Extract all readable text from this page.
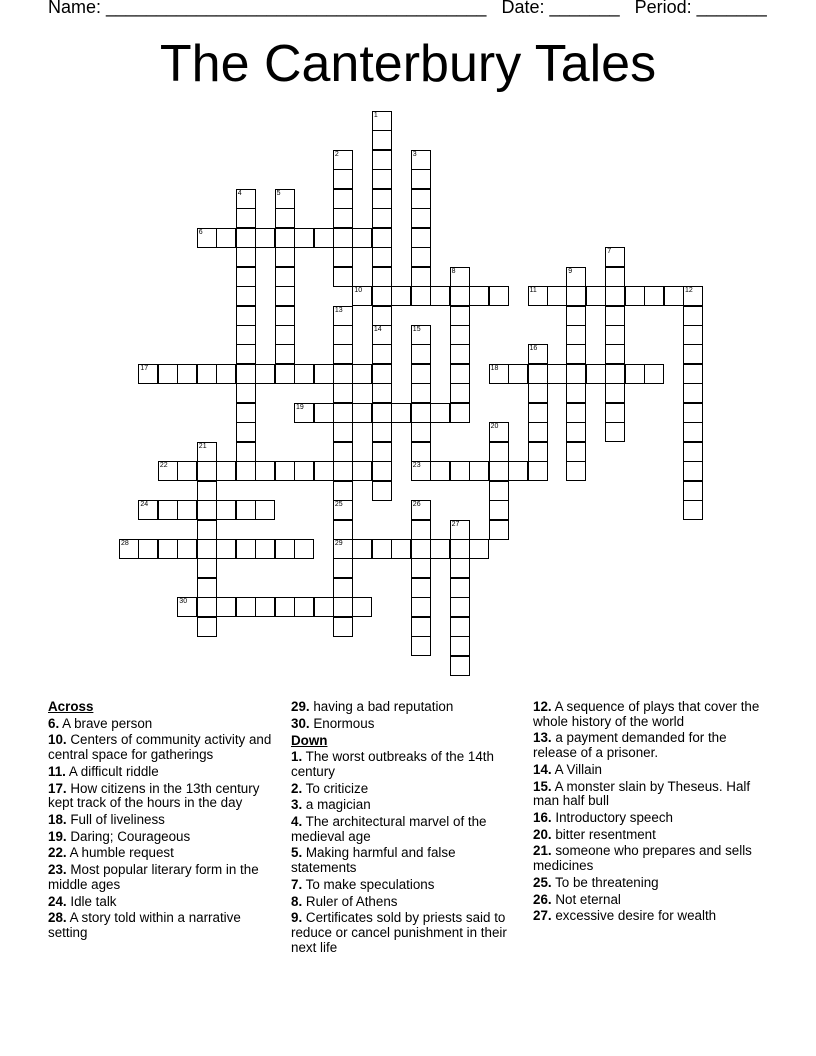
Name: ______________________________________ Date: _______ Period: _______
The Canterbury Tales
1
14
2	3
4	5
6
7
8	9
10	11	12
13
15
23
16
17	18
19
20
21
22
24	25
29
26
27
28
30
Across
6. A brave person
10. Centers of community activity and central space for gatherings
11. A difficult riddle
17. How citizens in the 13th century kept track of the hours in the day
18. Full of liveliness
19. Daring; Courageous
22. A humble request
23. Most popular literary form in the middle ages
24. Idle talk
28. A story told within a narrative setting
29. having a bad reputation
30. Enormous
Down
1. The worst outbreaks of the 14th century
2. To criticize
3. a magician
4. The architectural marvel of the medieval age
5. Making harmful and false statements
7. To make speculations
8. Ruler of Athens
9. Certificates sold by priests said to reduce or cancel punishment in their next life
12. A sequence of plays that cover the whole history of the world
13. a payment demanded for the release of a prisoner.
14. A Villain
15. A monster slain by Theseus. Half man half bull
16. Introductory speech
20. bitter resentment
21. someone who prepares and sells medicines
25. To be threatening
26. Not eternal
27. excessive desire for wealth
